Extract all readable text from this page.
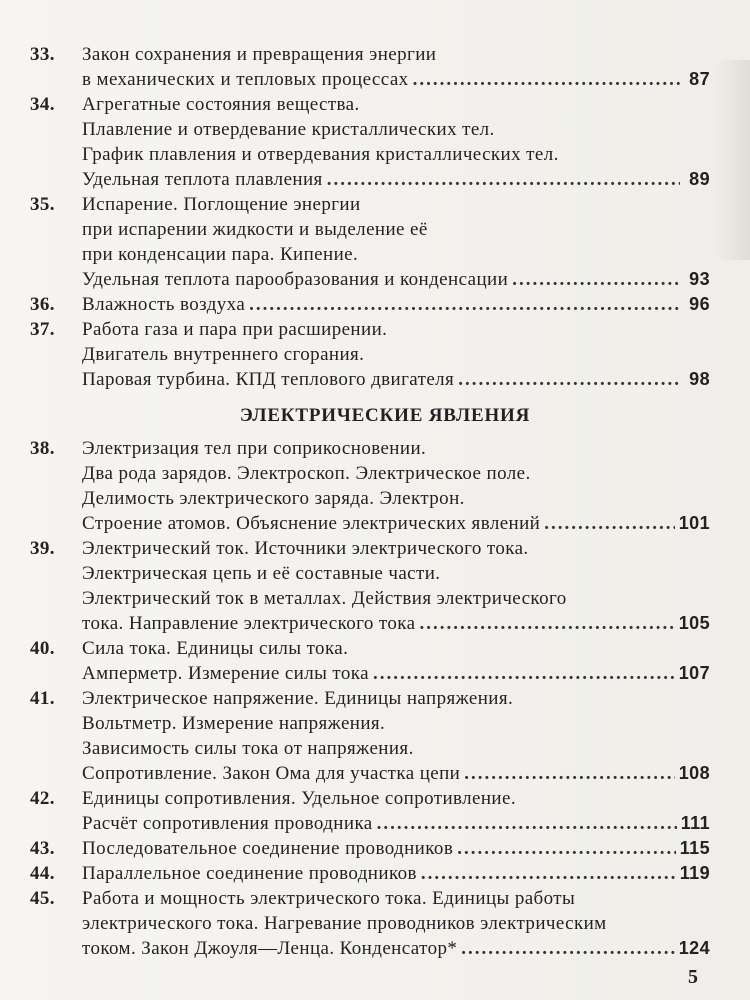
33.	Закон сохранения и превращения энергии
в механических и тепловых процессах .....	87
34.	Агрегатные состояния вещества.
Плавление и отвердевание кристаллических тел.
График плавления и отвердевания кристаллических тел.
Удельная теплота плавления .....	89
35.	Испарение. Поглощение энергии
при испарении жидкости и выделение её
при конденсации пара. Кипение.
Удельная теплота парообразования и конденсации .....	93
36.	Влажность воздуха .....	96
37.	Работа газа и пара при расширении.
Двигатель внутреннего сгорания.
Паровая турбина. КПД теплового двигателя .....	98
ЭЛЕКТРИЧЕСКИЕ ЯВЛЕНИЯ
38.	Электризация тел при соприкосновении.
Два рода зарядов. Электроскоп. Электрическое поле.
Делимость электрического заряда. Электрон.
Строение атомов. Объяснение электрических явлений .....	101
39.	Электрический ток. Источники электрического тока.
Электрическая цепь и её составные части.
Электрический ток в металлах. Действия электрического
тока. Направление электрического тока .....	105
40.	Сила тока. Единицы силы тока.
Амперметр. Измерение силы тока .....	107
41.	Электрическое напряжение. Единицы напряжения.
Вольтметр. Измерение напряжения.
Зависимость силы тока от напряжения.
Сопротивление. Закон Ома для участка цепи .....	108
42.	Единицы сопротивления. Удельное сопротивление.
Расчёт сопротивления проводника .....	111
43.	Последовательное соединение проводников .....	115
44.	Параллельное соединение проводников .....	119
45.	Работа и мощность электрического тока. Единицы работы
электрического тока. Нагревание проводников электрическим
током. Закон Джоуля—Ленца. Конденсатор* .....	124
5
